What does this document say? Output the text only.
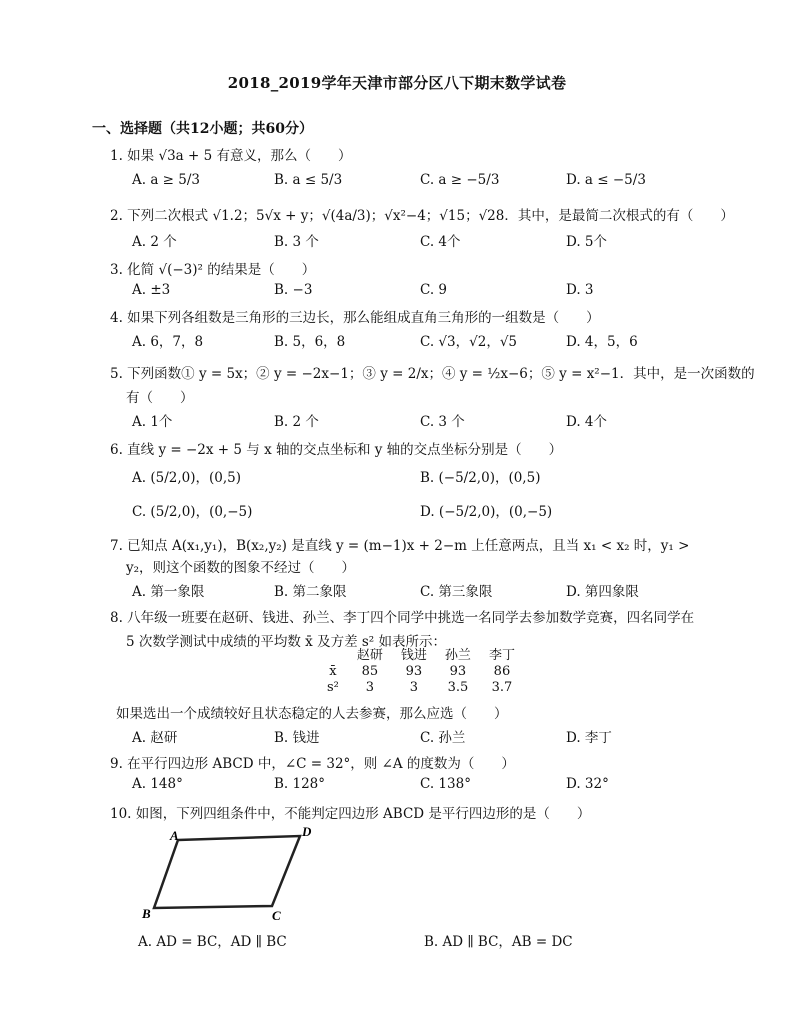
2018_2019学年天津市部分区八下期末数学试卷
一、选择题（共12小题；共60分）
1. 如果 √3a + 5 有意义，那么（　　）
A. a ≥ 5/3	B. a ≤ 5/3	C. a ≥ −5/3	D. a ≤ −5/3
2. 下列二次根式 √1.2；5√x + y；√(4a/3)；√x²−4；√15；√28．其中，是最简二次根式的有（　　）
A. 2 个	B. 3 个	C. 4个	D. 5个
3. 化简 √(−3)² 的结果是（　　）
A. ±3	B. −3	C. 9	D. 3
4. 如果下列各组数是三角形的三边长，那么能组成直角三角形的一组数是（　　）
A. 6，7，8	B. 5，6，8	C. √3，√2，√5	D. 4，5，6
5. 下列函数① y = 5x；② y = −2x−1；③ y = 2/x；④ y = ½x−6；⑤ y = x²−1．其中，是一次函数的
有（　　）
A. 1个	B. 2 个	C. 3 个	D. 4个
6. 直线 y = −2x + 5 与 x 轴的交点坐标和 y 轴的交点坐标分别是（　　）
A. (5/2,0)，(0,5)	B. (−5/2,0)，(0,5)
C. (5/2,0)，(0,−5)	D. (−5/2,0)，(0,−5)
7. 已知点 A(x₁,y₁)，B(x₂,y₂) 是直线 y = (m−1)x + 2−m 上任意两点，且当 x₁ < x₂ 时，y₁ >
y₂，则这个函数的图象不经过（　　）
A. 第一象限	B. 第二象限	C. 第三象限	D. 第四象限
8. 八年级一班要在赵研、钱进、孙兰、李丁四个同学中挑选一名同学去参加数学竞赛，四名同学在
5 次数学测试中成绩的平均数 x̄ 及方差 s² 如表所示：
	赵研	钱进	孙兰	李丁
x̄	85	93	93	86
s²	3	3	3.5	3.7
如果选出一个成绩较好且状态稳定的人去参赛，那么应选（　　）
A. 赵研	B. 钱进	C. 孙兰	D. 李丁
9. 在平行四边形 ABCD 中，∠C = 32°，则 ∠A 的度数为（　　）
A. 148°	B. 128°	C. 138°	D. 32°
10. 如图，下列四组条件中，不能判定四边形 ABCD 是平行四边形的是（　　）
A	D
B	C
A. AD = BC，AD ∥ BC	B. AD ∥ BC，AB = DC
